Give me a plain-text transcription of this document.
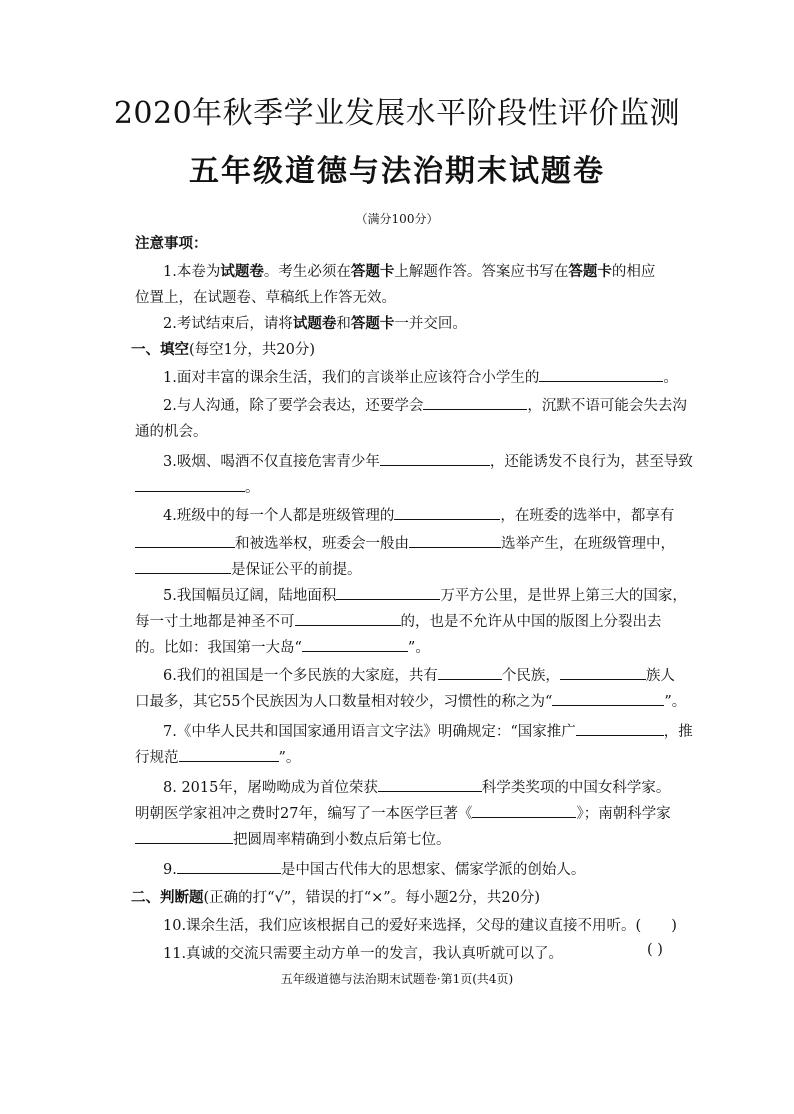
2020年秋季学业发展水平阶段性评价监测
五年级道德与法治期末试题卷
（满分100分）
注意事项：
1.本卷为试题卷。考生必须在答题卡上解题作答。答案应书写在答题卡的相应
位置上，在试题卷、草稿纸上作答无效。
2.考试结束后，请将试题卷和答题卡一并交回。
一、填空(每空1分，共20分)
1.面对丰富的课余生活，我们的言谈举止应该符合小学生的	。
2.与人沟通，除了要学会表达，还要学会	，沉默不语可能会失去沟
通的机会。
3.吸烟、喝酒不仅直接危害青少年	，还能诱发不良行为，甚至导致
。
4.班级中的每一个人都是班级管理的	，在班委的选举中，都享有
和被选举权，班委会一般由	选举产生，在班级管理中，
是保证公平的前提。
5.我国幅员辽阔，陆地面积	万平方公里，是世界上第三大的国家，
每一寸土地都是神圣不可	的，也是不允许从中国的版图上分裂出去
的。比如：我国第一大岛“	”。
6.我们的祖国是一个多民族的大家庭，共有	个民族，	族人
口最多，其它55个民族因为人口数量相对较少，习惯性的称之为“	”。
7.《中华人民共和国国家通用语言文字法》明确规定：“国家推广	，推
行规范	”。
8. 2015年，屠呦呦成为首位荣获	科学类奖项的中国女科学家。
明朝医学家祖冲之费时27年，编写了一本医学巨著《	》；南朝科学家
把圆周率精确到小数点后第七位。
9.	是中国古代伟大的思想家、儒家学派的创始人。
二、判断题(正确的打“√”，错误的打“×”。每小题2分，共20分)
10.课余生活，我们应该根据自己的爱好来选择，父母的建议直接不用听。( )
11.真诚的交流只需要主动方单一的发言，我认真听就可以了。	( )
五年级道德与法治期末试题卷·第1页(共4页)
